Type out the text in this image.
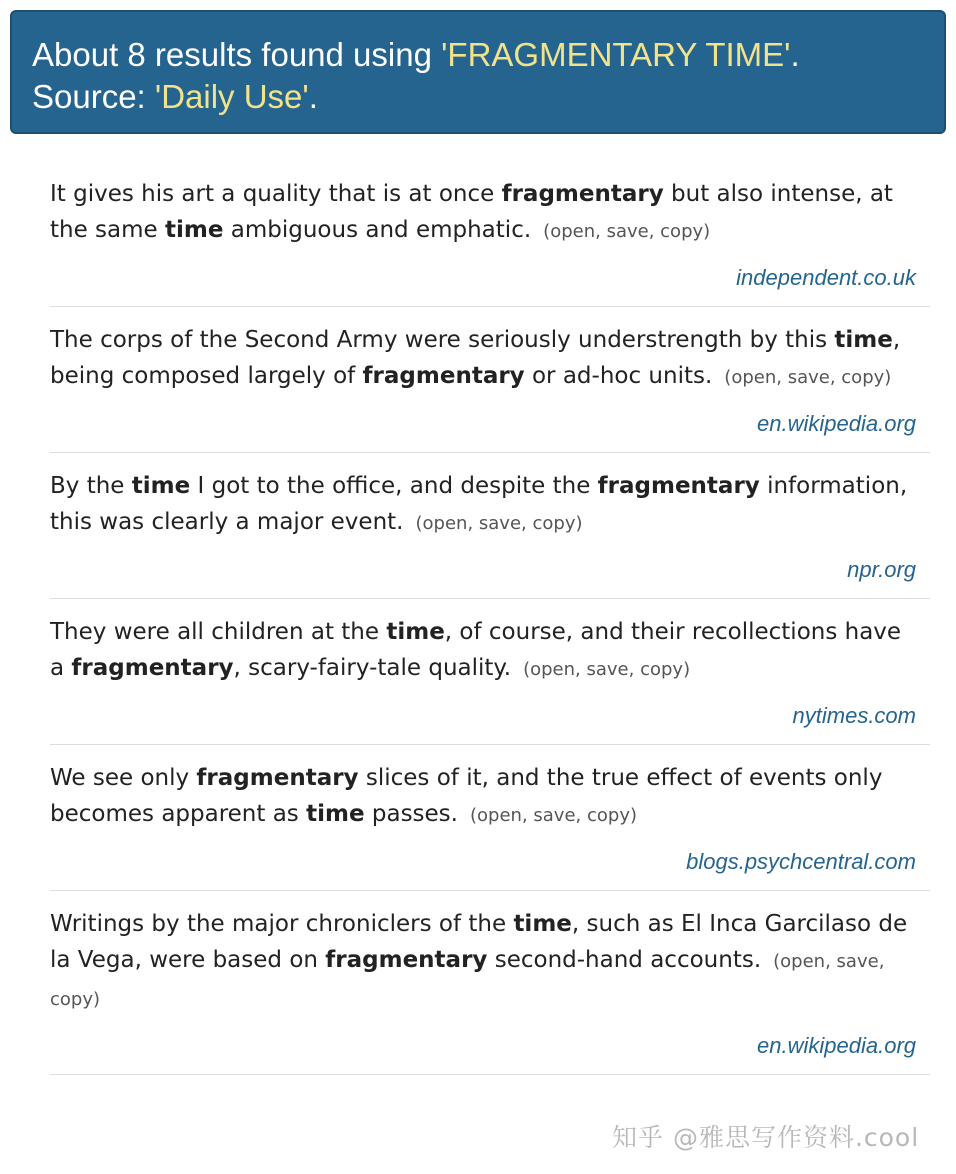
About 8 results found using 'FRAGMENTARY TIME'.
Source: 'Daily Use'.
It gives his art a quality that is at once fragmentary but also intense, at the same time ambiguous and emphatic. (open, save, copy)
independent.co.uk
The corps of the Second Army were seriously understrength by this time, being composed largely of fragmentary or ad-hoc units. (open, save, copy)
en.wikipedia.org
By the time I got to the office, and despite the fragmentary information, this was clearly a major event. (open, save, copy)
npr.org
They were all children at the time, of course, and their recollections have a fragmentary, scary-fairy-tale quality. (open, save, copy)
nytimes.com
We see only fragmentary slices of it, and the true effect of events only becomes apparent as time passes. (open, save, copy)
blogs.psychcentral.com
Writings by the major chroniclers of the time, such as El Inca Garcilaso de la Vega, were based on fragmentary second-hand accounts. (open, save, copy)
en.wikipedia.org
知乎 @雅思写作资料.cool
